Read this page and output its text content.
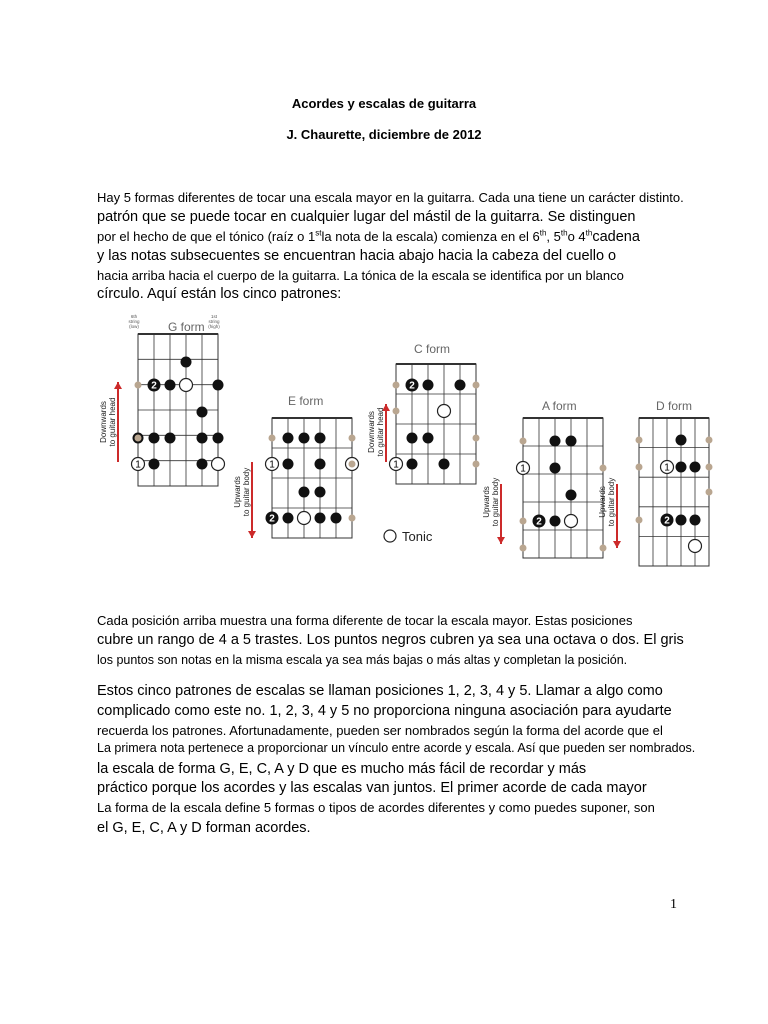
Acordes y escalas de guitarra
J. Chaurette, diciembre de 2012
Hay 5 formas diferentes de tocar una escala mayor en la guitarra. Cada una tiene un carácter distinto.
patrón que se puede tocar en cualquier lugar del mástil de la guitarra. Se distinguen
por el hecho de que el tónico (raíz o 1stla nota de la escala) comienza en el 6th, 5tho 4thcadena
y las notas subsecuentes se encuentran hacia abajo hacia la cabeza del cuello o
hacia arriba hacia el cuerpo de la guitarra. La tónica de la escala se identifica por un blanco
círculo. Aquí están los cinco patrones:
2
1	1
2
2
1	1
2
1
2
G form
E form
C form
A form	D form
6th
string
(low)
1st
string
(high)
Downwards to guitar head
Upwards to guitar body
Downwards to guitar head
Upwards to guitar body	Upwards to guitar body
Tonic
Cada posición arriba muestra una forma diferente de tocar la escala mayor. Estas posiciones
cubre un rango de 4 a 5 trastes. Los puntos negros cubren ya sea una octava o dos. El gris
los puntos son notas en la misma escala ya sea más bajas o más altas y completan la posición.
Estos cinco patrones de escalas se llaman posiciones 1, 2, 3, 4 y 5. Llamar a algo como
complicado como este no. 1, 2, 3, 4 y 5 no proporciona ninguna asociación para ayudarte
recuerda los patrones. Afortunadamente, pueden ser nombrados según la forma del acorde que el
La primera nota pertenece a proporcionar un vínculo entre acorde y escala. Así que pueden ser nombrados.
la escala de forma G, E, C, A y D que es mucho más fácil de recordar y más
práctico porque los acordes y las escalas van juntos. El primer acorde de cada mayor
La forma de la escala define 5 formas o tipos de acordes diferentes y como puedes suponer, son
el G, E, C, A y D forman acordes.
1
